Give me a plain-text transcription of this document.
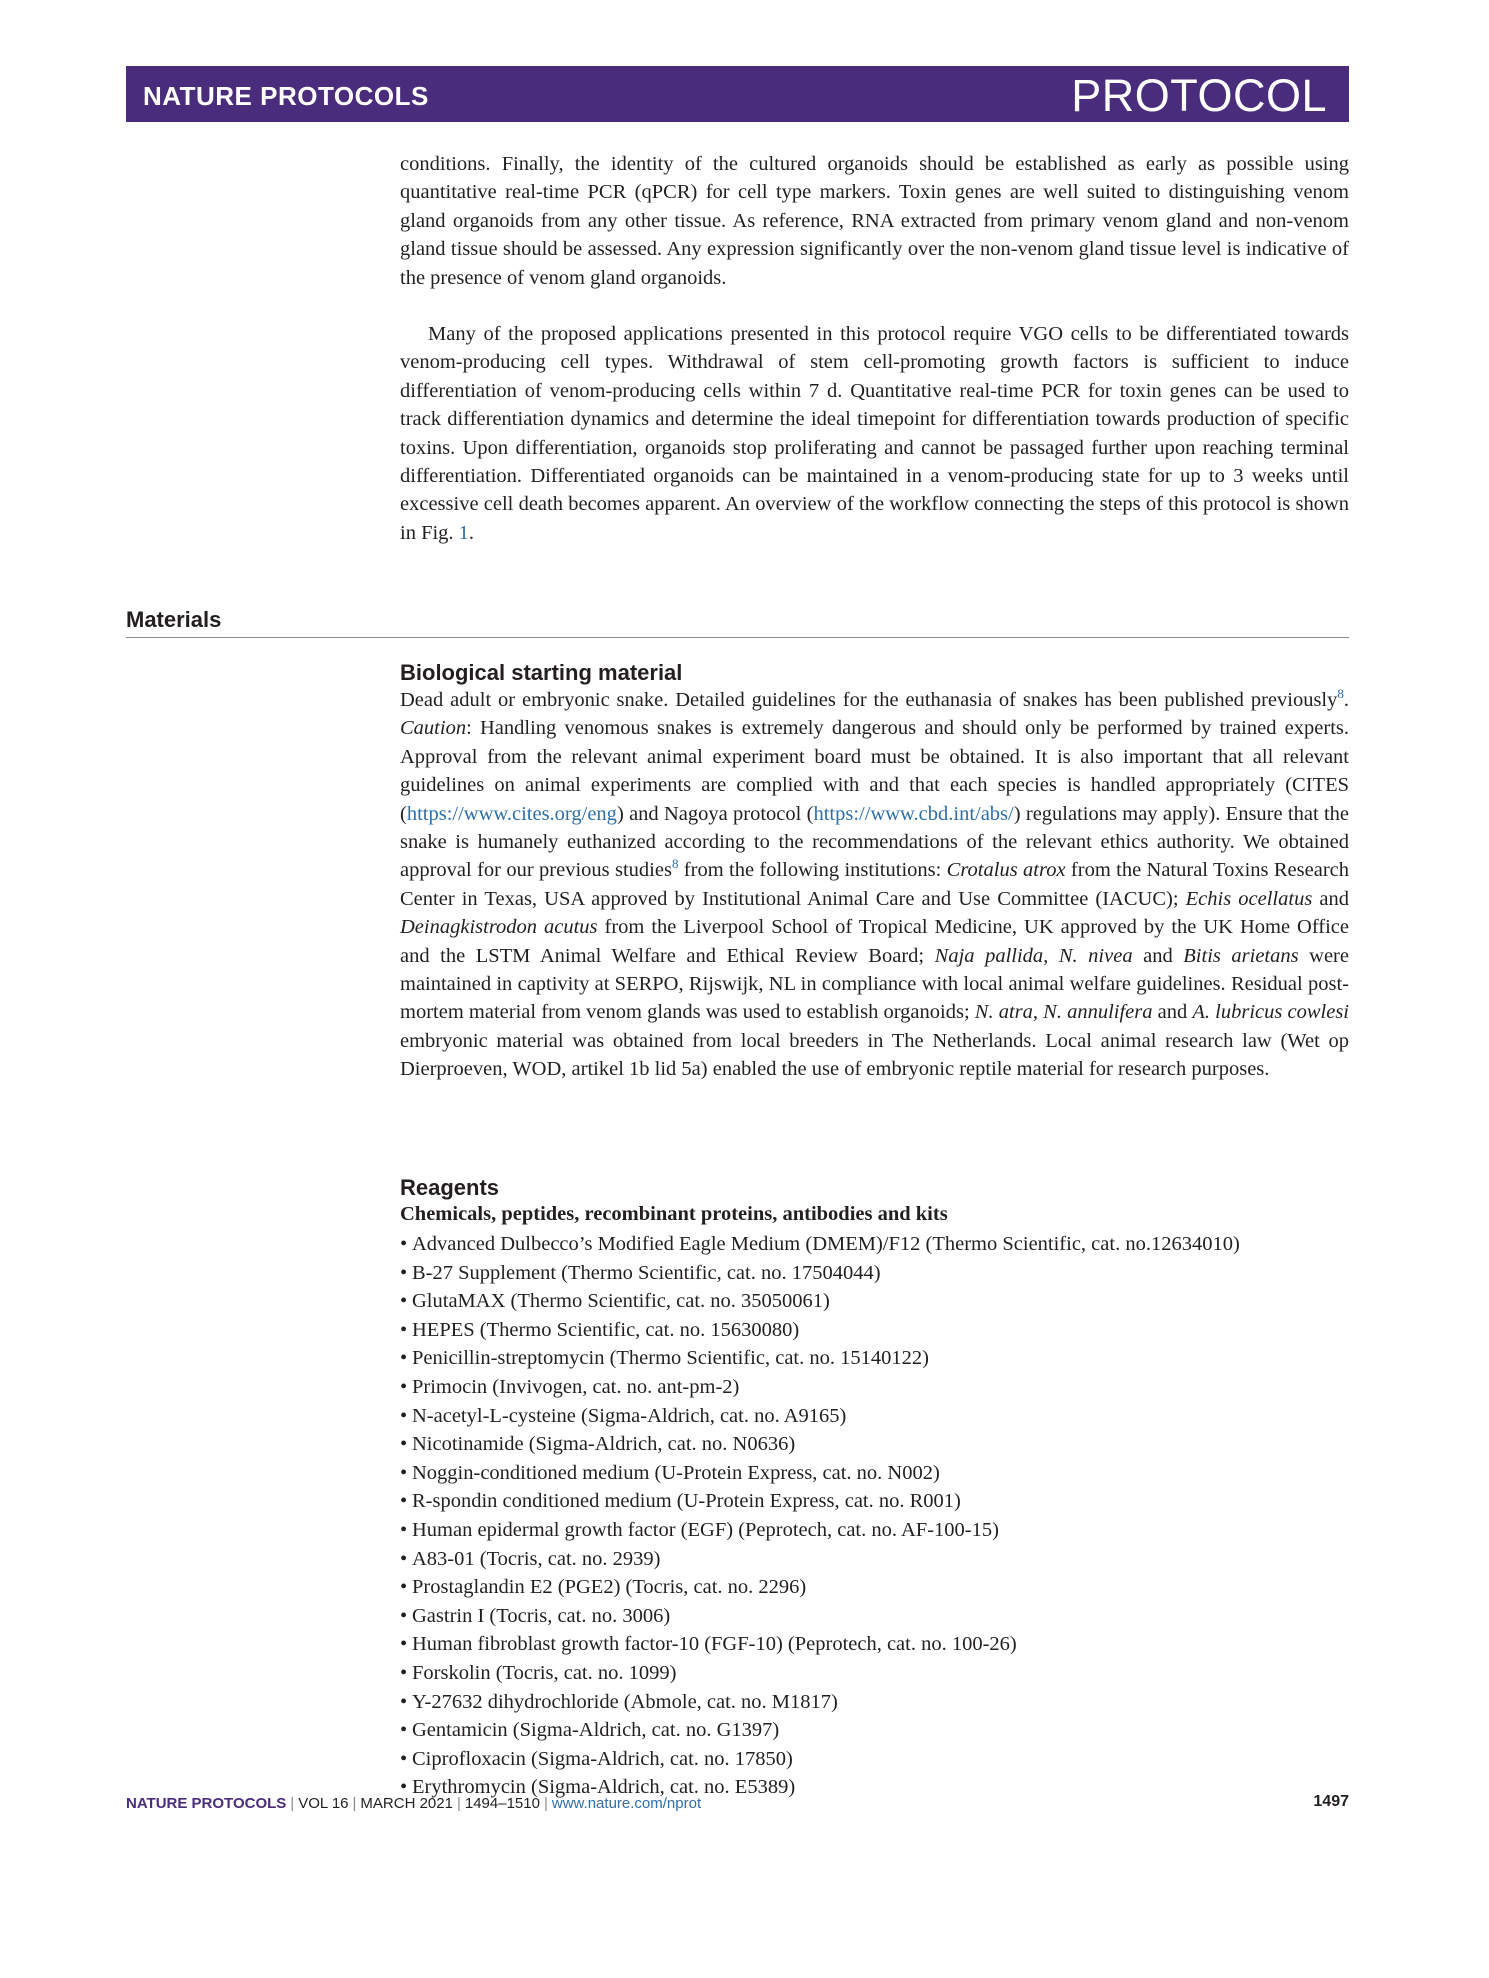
NATURE PROTOCOLS	PROTOCOL

conditions. Finally, the identity of the cultured organoids should be established as early as possible using quantitative real-time PCR (qPCR) for cell type markers. Toxin genes are well suited to distinguishing venom gland organoids from any other tissue. As reference, RNA extracted from primary venom gland and non-venom gland tissue should be assessed. Any expression significantly over the non-venom gland tissue level is indicative of the presence of venom gland organoids.

Many of the proposed applications presented in this protocol require VGO cells to be differentiated towards venom-producing cell types. Withdrawal of stem cell-promoting growth factors is sufficient to induce differentiation of venom-producing cells within 7 d. Quantitative real-time PCR for toxin genes can be used to track differentiation dynamics and determine the ideal timepoint for differentiation towards production of specific toxins. Upon differentiation, organoids stop proliferating and cannot be passaged further upon reaching terminal differentiation. Differentiated organoids can be maintained in a venom-producing state for up to 3 weeks until excessive cell death becomes apparent. An overview of the workflow connecting the steps of this protocol is shown in Fig. 1.

Materials
Biological starting material

Dead adult or embryonic snake. Detailed guidelines for the euthanasia of snakes has been published previously$^8$. Caution: Handling venomous snakes is extremely dangerous and should only be performed by trained experts. Approval from the relevant animal experiment board must be obtained. It is also important that all relevant guidelines on animal experiments are complied with and that each species is handled appropriately (CITES (https://www.cites.org/eng) and Nagoya protocol (https://www.cbd.int/abs/) regulations may apply). Ensure that the snake is humanely euthanized according to the recommendations of the relevant ethics authority. We obtained approval for our previous studies$^8$ from the following institutions: Crotalus atrox from the Natural Toxins Research Center in Texas, USA approved by Institutional Animal Care and Use Committee (IACUC); Echis ocellatus and Deinagkistrodon acutus from the Liverpool School of Tropical Medicine, UK approved by the UK Home Office and the LSTM Animal Welfare and Ethical Review Board; Naja pallida, N. nivea and Bitis arietans were maintained in captivity at SERPO, Rijswijk, NL in compliance with local animal welfare guidelines. Residual post-mortem material from venom glands was used to establish organoids; N. atra, N. annulifera and A. lubricus cowlesi embryonic material was obtained from local breeders in The Netherlands. Local animal research law (Wet op Dierproeven, WOD, artikel 1b lid 5a) enabled the use of embryonic reptile material for research purposes.

Reagents
Chemicals, peptides, recombinant proteins, antibodies and kits
• Advanced Dulbecco’s Modified Eagle Medium (DMEM)/F12 (Thermo Scientific, cat. no.12634010)
• B-27 Supplement (Thermo Scientific, cat. no. 17504044)
• GlutaMAX (Thermo Scientific, cat. no. 35050061)
• HEPES (Thermo Scientific, cat. no. 15630080)
• Penicillin-streptomycin (Thermo Scientific, cat. no. 15140122)
• Primocin (Invivogen, cat. no. ant-pm-2)
• N-acetyl-L-cysteine (Sigma-Aldrich, cat. no. A9165)
• Nicotinamide (Sigma-Aldrich, cat. no. N0636)
• Noggin-conditioned medium (U-Protein Express, cat. no. N002)
• R-spondin conditioned medium (U-Protein Express, cat. no. R001)
• Human epidermal growth factor (EGF) (Peprotech, cat. no. AF-100-15)
• A83-01 (Tocris, cat. no. 2939)
• Prostaglandin E2 (PGE2) (Tocris, cat. no. 2296)
• Gastrin I (Tocris, cat. no. 3006)
• Human fibroblast growth factor-10 (FGF-10) (Peprotech, cat. no. 100-26)
• Forskolin (Tocris, cat. no. 1099)
• Y-27632 dihydrochloride (Abmole, cat. no. M1817)
• Gentamicin (Sigma-Aldrich, cat. no. G1397)
• Ciprofloxacin (Sigma-Aldrich, cat. no. 17850)
• Erythromycin (Sigma-Aldrich, cat. no. E5389)
NATURE PROTOCOLS | VOL 16 | MARCH 2021 | 1494–1510 | www.nature.com/nprot	1497
